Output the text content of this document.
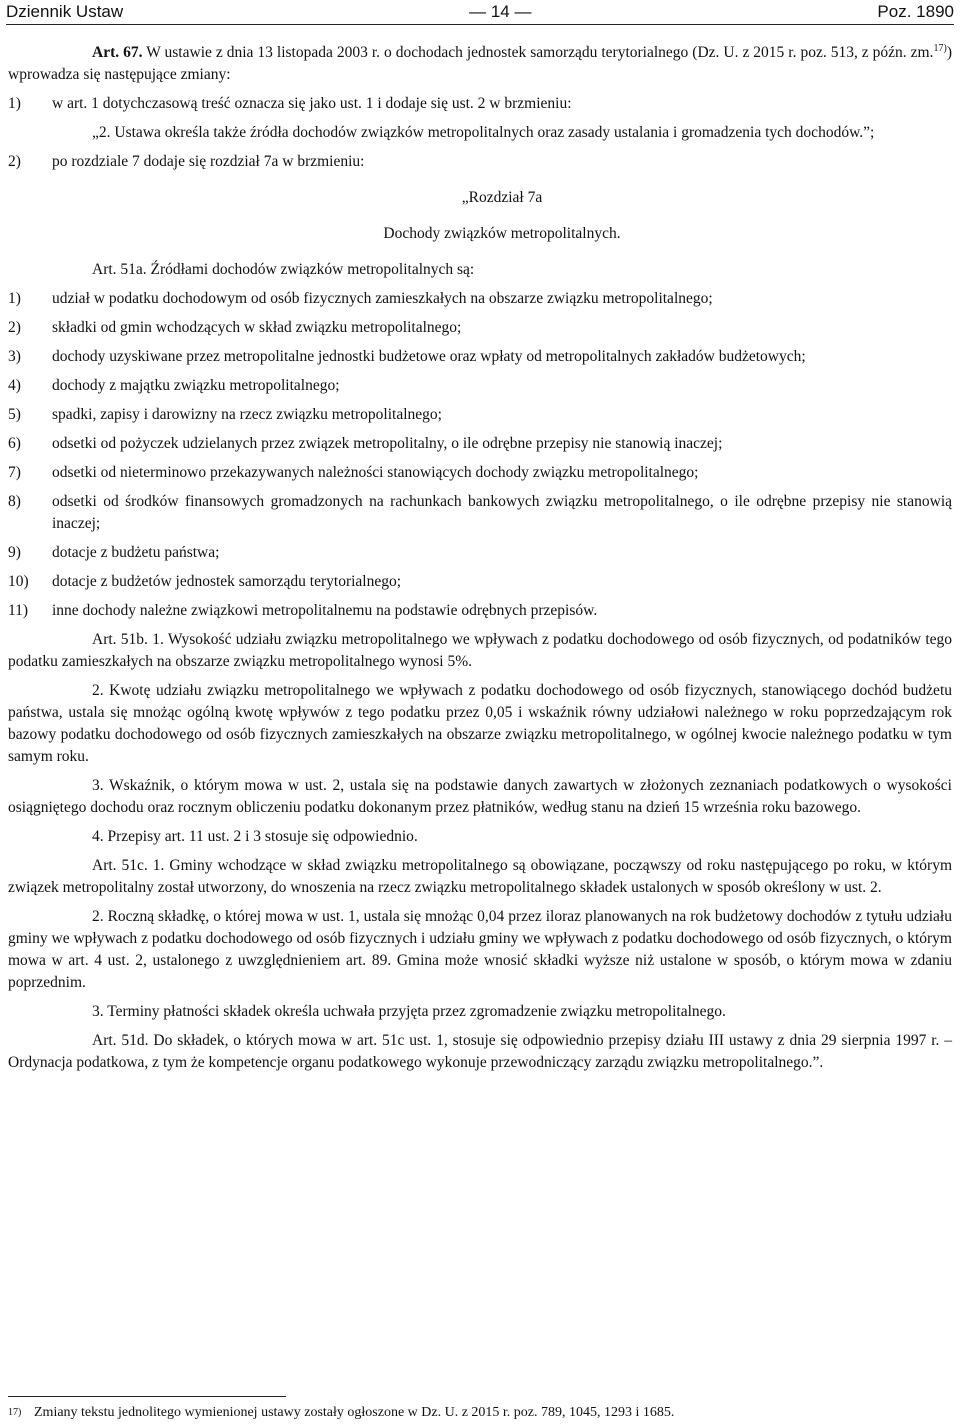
Dziennik Ustaw	— 14 —	Poz. 1890

Art. 67. W ustawie z dnia 13 listopada 2003 r. o dochodach jednostek samorządu terytorialnego (Dz. U. z 2015 r. poz. 513, z późn. zm.$^{17)}$) wprowadza się następujące zmiany:

1)	w art. 1 dotychczasową treść oznacza się jako ust. 1 i dodaje się ust. 2 w brzmieniu:

„2. Ustawa określa także źródła dochodów związków metropolitalnych oraz zasady ustalania i gromadzenia tych dochodów.”;

2)	po rozdziale 7 dodaje się rozdział 7a w brzmieniu:
„Rozdział 7a
Dochody związków metropolitalnych.

Art. 51a. Źródłami dochodów związków metropolitalnych są:

1)	udział w podatku dochodowym od osób fizycznych zamieszkałych na obszarze związku metropolitalnego;
2)	składki od gmin wchodzących w skład związku metropolitalnego;
3)	dochody uzyskiwane przez metropolitalne jednostki budżetowe oraz wpłaty od metropolitalnych zakładów budżetowych;
4)	dochody z majątku związku metropolitalnego;
5)	spadki, zapisy i darowizny na rzecz związku metropolitalnego;
6)	odsetki od pożyczek udzielanych przez związek metropolitalny, o ile odrębne przepisy nie stanowią inaczej;
7)	odsetki od nieterminowo przekazywanych należności stanowiących dochody związku metropolitalnego;
8)	odsetki od środków finansowych gromadzonych na rachunkach bankowych związku metropolitalnego, o ile odrębne przepisy nie stanowią inaczej;
9)	dotacje z budżetu państwa;
10)	dotacje z budżetów jednostek samorządu terytorialnego;
11)	inne dochody należne związkowi metropolitalnemu na podstawie odrębnych przepisów.

Art. 51b. 1. Wysokość udziału związku metropolitalnego we wpływach z podatku dochodowego od osób fizycznych, od podatników tego podatku zamieszkałych na obszarze związku metropolitalnego wynosi 5%.

2. Kwotę udziału związku metropolitalnego we wpływach z podatku dochodowego od osób fizycznych, stanowiącego dochód budżetu państwa, ustala się mnożąc ogólną kwotę wpływów z tego podatku przez 0,05 i wskaźnik równy udziałowi należnego w roku poprzedzającym rok bazowy podatku dochodowego od osób fizycznych zamieszkałych na obszarze związku metropolitalnego, w ogólnej kwocie należnego podatku w tym samym roku.

3. Wskaźnik, o którym mowa w ust. 2, ustala się na podstawie danych zawartych w złożonych zeznaniach podatkowych o wysokości osiągniętego dochodu oraz rocznym obliczeniu podatku dokonanym przez płatników, według stanu na dzień 15 września roku bazowego.

4. Przepisy art. 11 ust. 2 i 3 stosuje się odpowiednio.

Art. 51c. 1. Gminy wchodzące w skład związku metropolitalnego są obowiązane, począwszy od roku następującego po roku, w którym związek metropolitalny został utworzony, do wnoszenia na rzecz związku metropolitalnego składek ustalonych w sposób określony w ust. 2.

2. Roczną składkę, o której mowa w ust. 1, ustala się mnożąc 0,04 przez iloraz planowanych na rok budżetowy dochodów z tytułu udziału gminy we wpływach z podatku dochodowego od osób fizycznych i udziału gminy we wpływach z podatku dochodowego od osób fizycznych, o którym mowa w art. 4 ust. 2, ustalonego z uwzględnieniem art. 89. Gmina może wnosić składki wyższe niż ustalone w sposób, o którym mowa w zdaniu poprzednim.

3. Terminy płatności składek określa uchwała przyjęta przez zgromadzenie związku metropolitalnego.

Art. 51d. Do składek, o których mowa w art. 51c ust. 1, stosuje się odpowiednio przepisy działu III ustawy z dnia 29 sierpnia 1997 r. – Ordynacja podatkowa, z tym że kompetencje organu podatkowego wykonuje przewodniczący zarządu związku metropolitalnego.”.

17) Zmiany tekstu jednolitego wymienionej ustawy zostały ogłoszone w Dz. U. z 2015 r. poz. 789, 1045, 1293 i 1685.
